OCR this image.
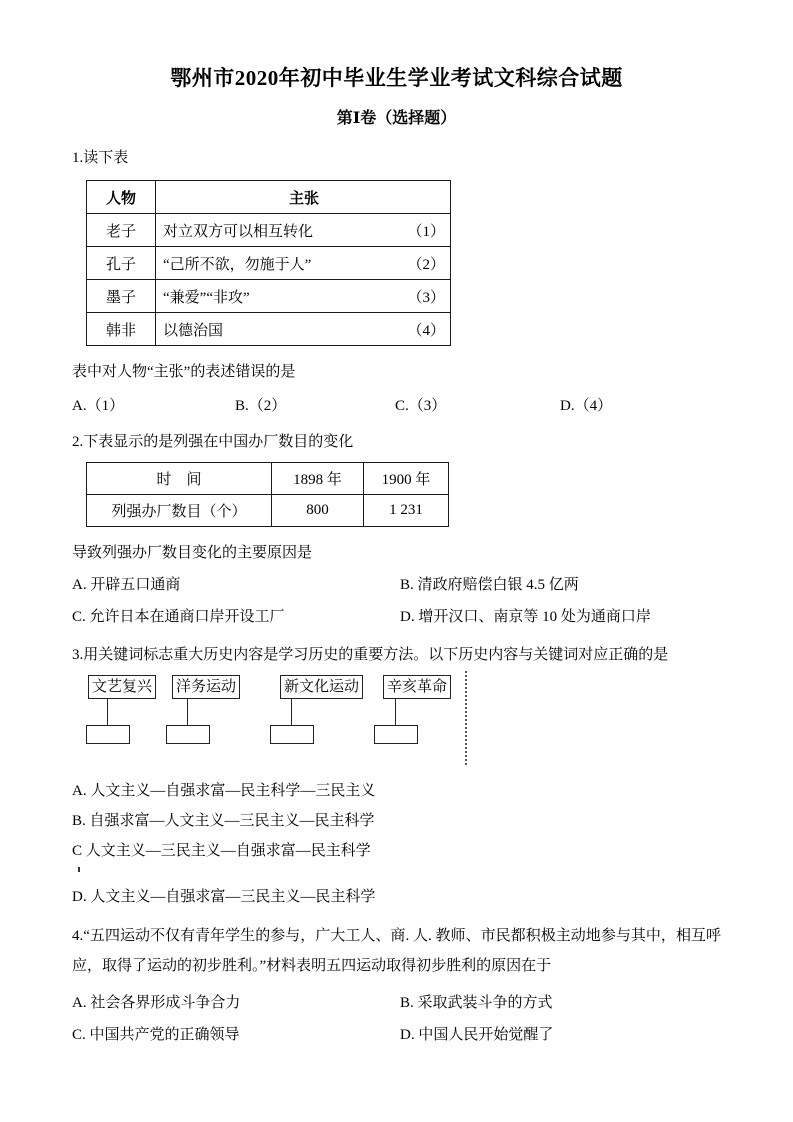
鄂州市2020年初中毕业生学业考试文科综合试题
第Ⅰ卷（选择题）

1.读下表

人物	主张
老子	对立双方可以相互转化 （1）

孔子	“己所不欲，勿施于人” （2）

墨子	“兼爱”“非攻” （3）

韩非	以德治国 （4）

表中对人物“主张”的表述错误的是

A.（1）	B.（2）	C.（3）	D.（4）

2.下表显示的是列强在中国办厂数目的变化

时　间	1898 年	1900 年
列强办厂数目（个）	800	1 231

导致列强办厂数目变化的主要原因是

A. 开辟五口通商	B. 清政府赔偿白银 4.5 亿两
C. 允许日本在通商口岸开设工厂	D. 增开汉口、南京等 10 处为通商口岸

3.用关键词标志重大历史内容是学习历史的重要方法。以下历史内容与关键词对应正确的是

文艺复兴 洋务运动	新文化运动 辛亥革命

A. 人文主义—自强求富—民主科学—三民主义

B. 自强求富—人文主义—三民主义—民主科学

C 人文主义—三民主义—自强求富—民主科学

D. 人文主义—自强求富—三民主义—民主科学

4.“五四运动不仅有青年学生的参与，广大工人、商. 人. 教师、市民都积极主动地参与其中，相互呼应，取得了运动的初步胜利。”材料表明五四运动取得初步胜利的原因在于

A. 社会各界形成斗争合力	B. 采取武装斗争的方式
C. 中国共产党的正确领导	D. 中国人民开始觉醒了
